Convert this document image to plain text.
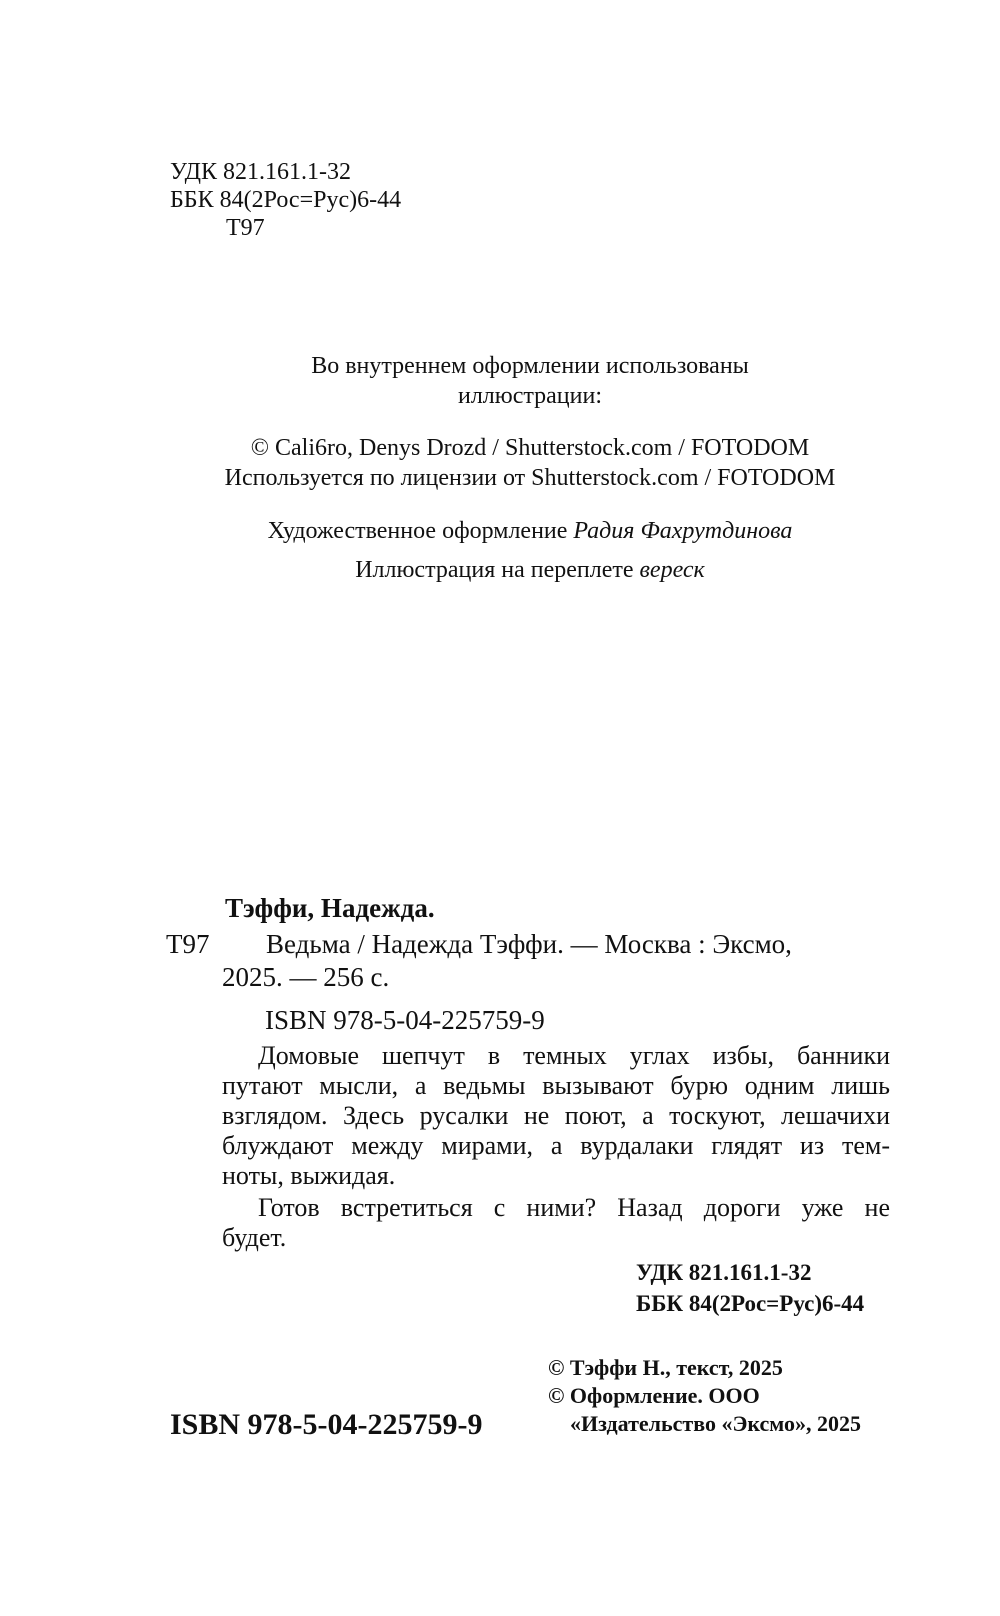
УДК 821.161.1-32
ББК 84(2Рос=Рус)6-44
Т97
Во внутреннем оформлении использованы
иллюстрации:
© Cali6ro, Denys Drozd / Shutterstock.com / FOTODOM
Используется по лицензии от Shutterstock.com / FOTODOM
Художественное оформление Радия Фахрутдинова
Иллюстрация на переплете вереск
Тэффи, Надежда.
Т97 Ведьма / Надежда Тэффи. — Москва : Эксмо,
2025. — 256 с.
ISBN 978-5-04-225759-9

Домовые шепчут в темных углах избы, банники

путают мысли, а ведьмы вызывают бурю одним лишь

взглядом. Здесь русалки не поют, а тоскуют, лешачихи

блуждают между мирами, а вурдалаки глядят из тем-

ноты, выжидая.

Готов встретиться с ними? Назад дороги уже не

будет.

УДК 821.161.1-32
ББК 84(2Рос=Рус)6-44
ISBN 978-5-04-225759-9
© Тэффи Н., текст, 2025
© Оформление. ООО
«Издательство «Эксмо», 2025
